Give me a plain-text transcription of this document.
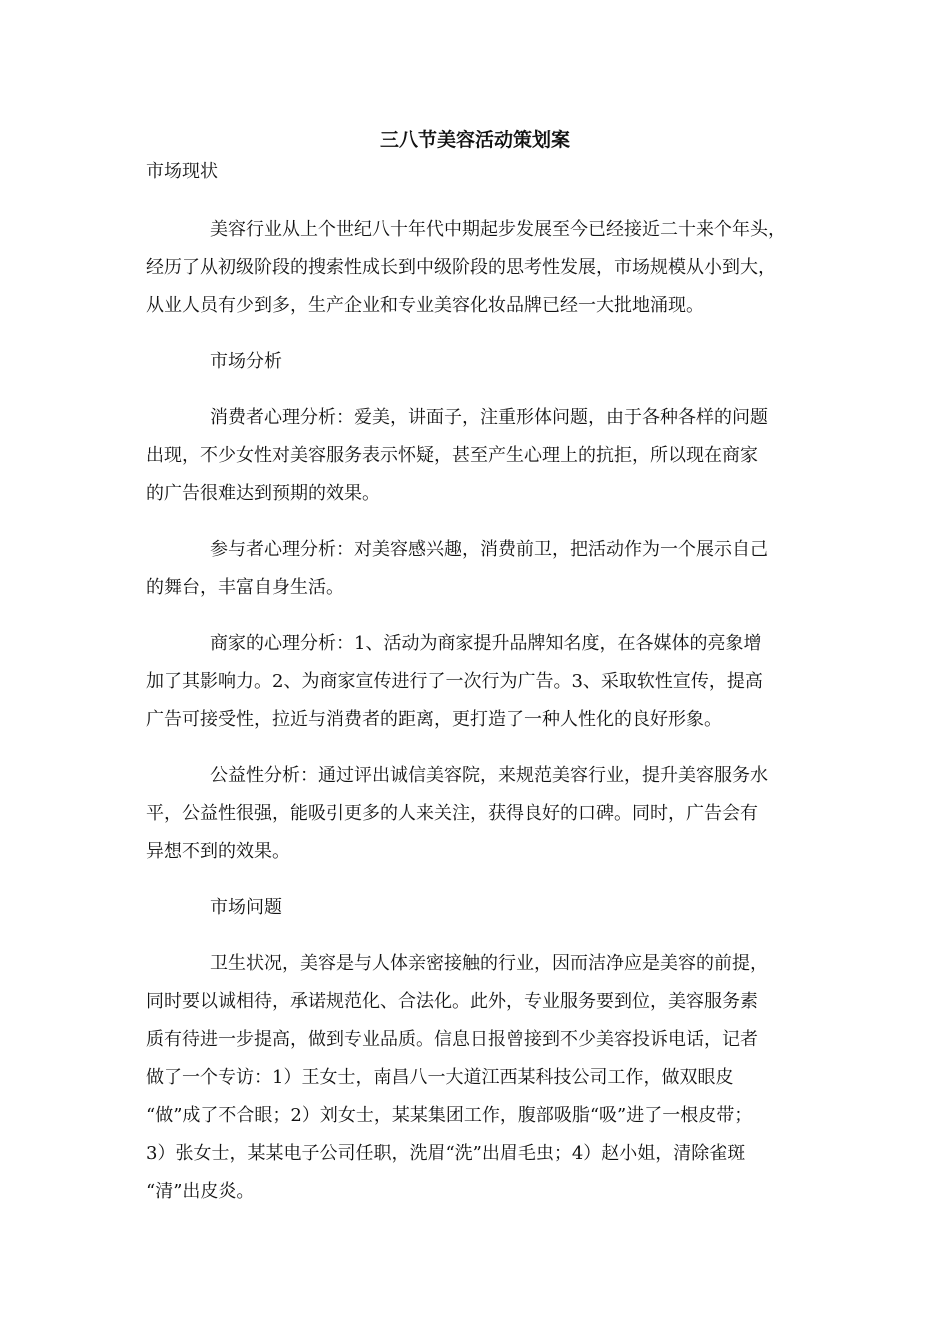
三八节美容活动策划案
市场现状
美容行业从上个世纪八十年代中期起步发展至今已经接近二十来个年头，
经历了从初级阶段的搜索性成长到中级阶段的思考性发展，市场规模从小到大，
从业人员有少到多，生产企业和专业美容化妆品牌已经一大批地涌现。
市场分析
消费者心理分析：爱美，讲面子，注重形体问题，由于各种各样的问题
出现，不少女性对美容服务表示怀疑，甚至产生心理上的抗拒，所以现在商家
的广告很难达到预期的效果。
参与者心理分析：对美容感兴趣，消费前卫，把活动作为一个展示自己
的舞台，丰富自身生活。
商家的心理分析：1、活动为商家提升品牌知名度，在各媒体的亮象增
加了其影响力。2、为商家宣传进行了一次行为广告。3、采取软性宣传，提高
广告可接受性，拉近与消费者的距离，更打造了一种人性化的良好形象。
公益性分析：通过评出诚信美容院，来规范美容行业，提升美容服务水
平，公益性很强，能吸引更多的人来关注，获得良好的口碑。同时，广告会有
异想不到的效果。
市场问题
卫生状况，美容是与人体亲密接触的行业，因而洁净应是美容的前提，
同时要以诚相待，承诺规范化、合法化。此外，专业服务要到位，美容服务素
质有待进一步提高，做到专业品质。信息日报曾接到不少美容投诉电话，记者
做了一个专访：1）王女士，南昌八一大道江西某科技公司工作，做双眼皮
“做”成了不合眼；2）刘女士，某某集团工作，腹部吸脂“吸”进了一根皮带；
3）张女士，某某电子公司任职，洗眉“洗”出眉毛虫；4）赵小姐，清除雀斑
“清”出皮炎。
